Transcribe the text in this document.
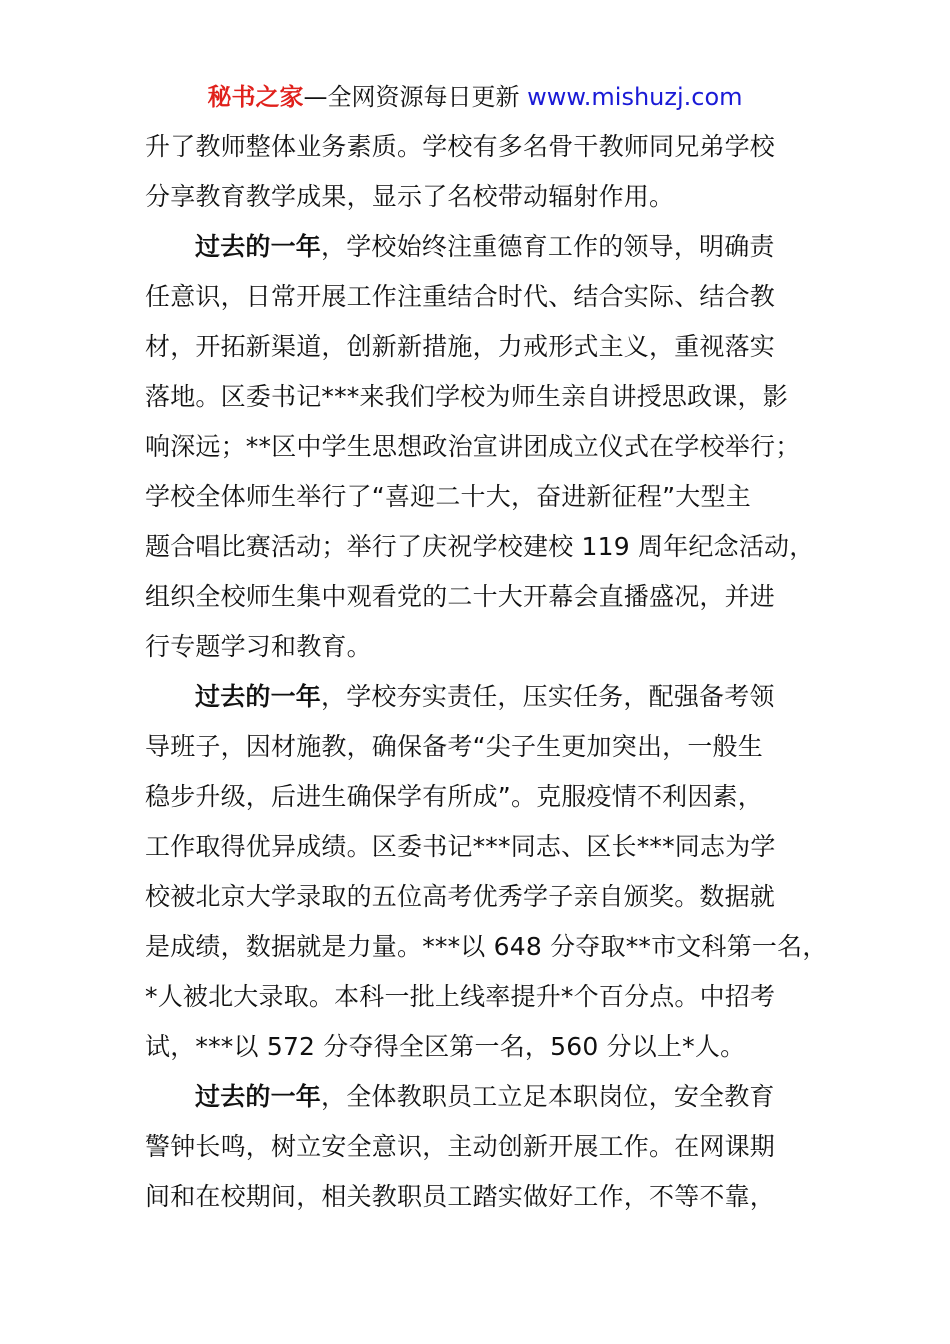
秘书之家—全网资源每日更新 www.mishuzj.com
升了教师整体业务素质。学校有多名骨干教师同兄弟学校
分享教育教学成果，显示了名校带动辐射作用。
过去的一年，学校始终注重德育工作的领导，明确责
任意识，日常开展工作注重结合时代、结合实际、结合教
材，开拓新渠道，创新新措施，力戒形式主义，重视落实
落地。区委书记***来我们学校为师生亲自讲授思政课，影
响深远；**区中学生思想政治宣讲团成立仪式在学校举行；
学校全体师生举行了“喜迎二十大，奋进新征程”大型主
题合唱比赛活动；举行了庆祝学校建校 119 周年纪念活动，
组织全校师生集中观看党的二十大开幕会直播盛况，并进
行专题学习和教育。
过去的一年，学校夯实责任，压实任务，配强备考领
导班子，因材施教，确保备考“尖子生更加突出，一般生
稳步升级，后进生确保学有所成”。克服疫情不利因素，
工作取得优异成绩。区委书记***同志、区长***同志为学
校被北京大学录取的五位高考优秀学子亲自颁奖。数据就
是成绩，数据就是力量。***以 648 分夺取**市文科第一名，
*人被北大录取。本科一批上线率提升*个百分点。中招考
试，***以 572 分夺得全区第一名，560 分以上*人。
过去的一年，全体教职员工立足本职岗位，安全教育
警钟长鸣，树立安全意识，主动创新开展工作。在网课期
间和在校期间，相关教职员工踏实做好工作，不等不靠，
